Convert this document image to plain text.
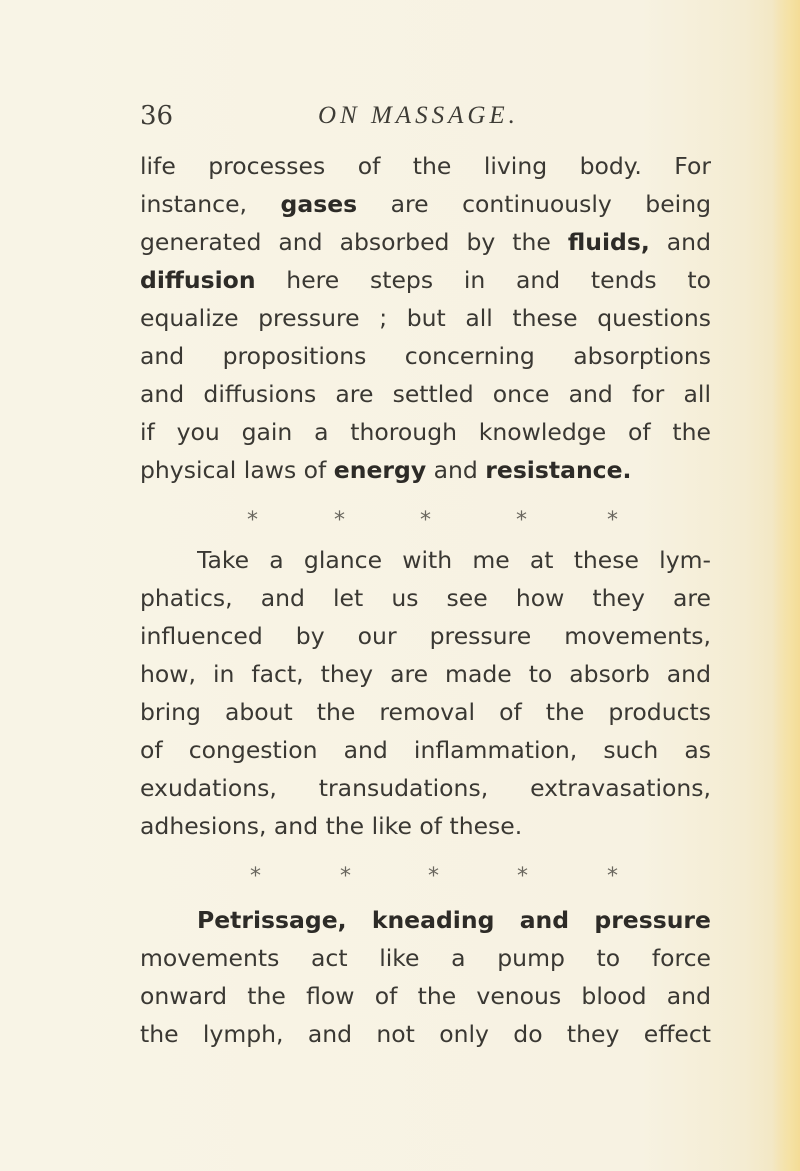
36	ON MASSAGE.
life processes of the living body. For
instance, gases are continuously being
generated and absorbed by the fluids, and
diffusion here steps in and tends to
equalize pressure ; but all these questions
and propositions concerning absorptions
and diffusions are settled once and for all
if you gain a thorough knowledge of the
physical laws of energy and resistance.
*	*	*	*	*
Take a glance with me at these lym-
phatics, and let us see how they are
influenced by our pressure movements,
how, in fact, they are made to absorb and
bring about the removal of the products
of congestion and inflammation, such as
exudations, transudations, extravasations,
adhesions, and the like of these.
*	*	*	*	*
Petrissage, kneading and pressure
movements act like a pump to force
onward the flow of the venous blood and
the lymph, and not only do they effect
